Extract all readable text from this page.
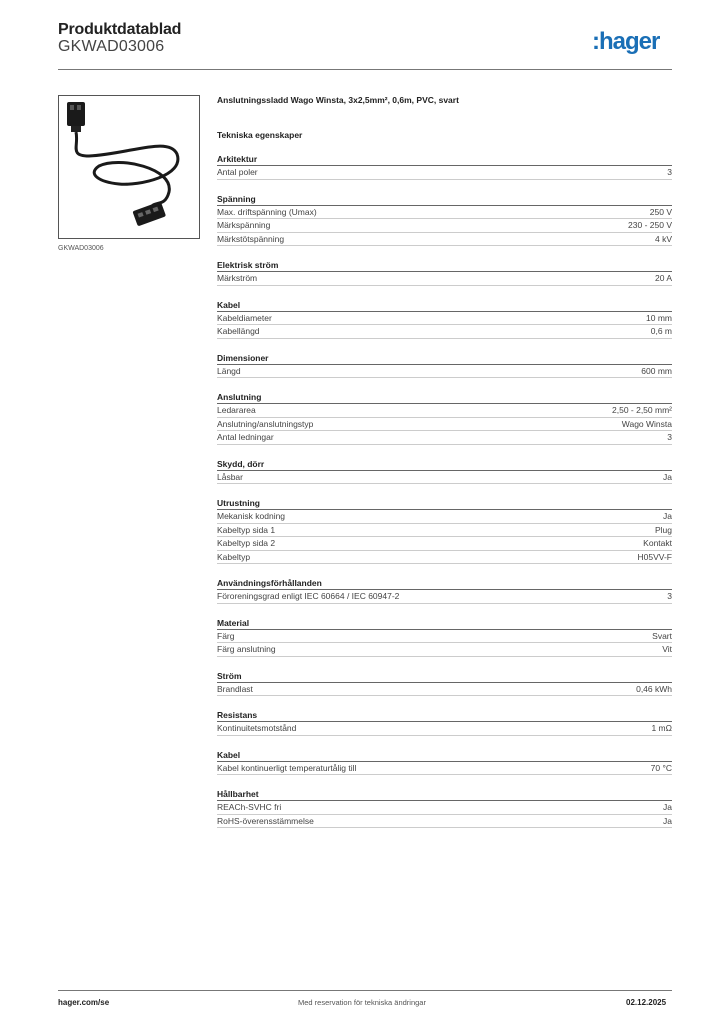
Produktdatablad
GKWAD03006	:hager
GKWAD03006
Anslutningssladd Wago Winsta, 3x2,5mm², 0,6m, PVC, svart
Tekniska egenskaper
Arkitektur
Antal poler	3
Spänning
Max. driftspänning (Umax)	250 V
Märkspänning	230 - 250 V
Märkstötspänning	4 kV
Elektrisk ström
Märkström	20 A
Kabel
Kabeldiameter	10 mm
Kabellängd	0,6 m
Dimensioner
Längd	600 mm
Anslutning
Ledararea	2,50 - 2,50 mm²
Anslutning/anslutningstyp	Wago Winsta
Antal ledningar	3
Skydd, dörr
Låsbar	Ja
Utrustning
Mekanisk kodning	Ja
Kabeltyp sida 1	Plug
Kabeltyp sida 2	Kontakt
Kabeltyp	H05VV-F
Användningsförhållanden
Föroreningsgrad enligt IEC 60664 / IEC 60947-2	3
Material
Färg	Svart
Färg anslutning	Vit
Ström
Brandlast	0,46 kWh
Resistans
Kontinuitetsmotstånd	1 mΩ
Kabel
Kabel kontinuerligt temperaturtålig till	70 °C
Hållbarhet
REACh-SVHC fri	Ja
RoHS-överensstämmelse	Ja
hager.com/se	Med reservation för tekniska ändringar	02.12.2025
